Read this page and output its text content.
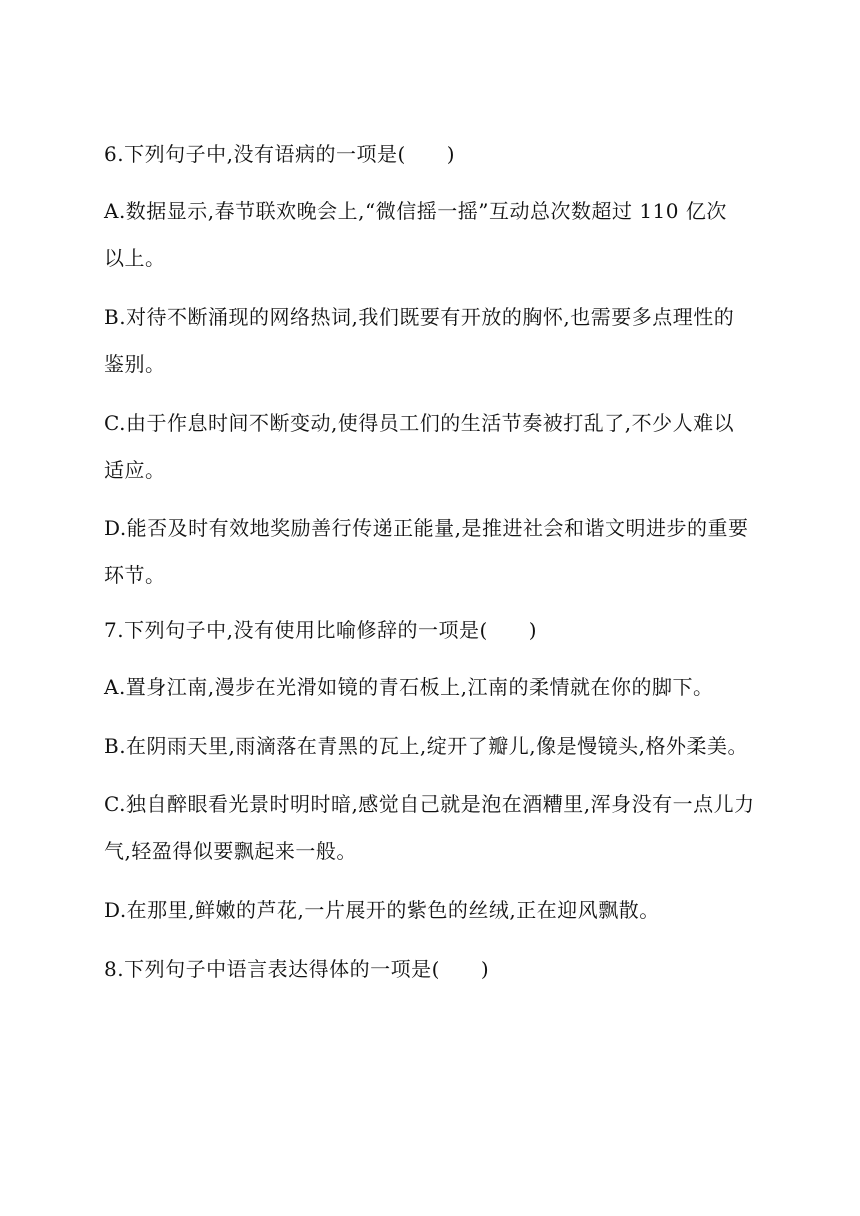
6.下列句子中,没有语病的一项是(　　)
A.数据显示,春节联欢晚会上,“微信摇一摇”互动总次数超过 110 亿次
以上。
B.对待不断涌现的网络热词,我们既要有开放的胸怀,也需要多点理性的
鉴别。
C.由于作息时间不断变动,使得员工们的生活节奏被打乱了,不少人难以
适应。
D.能否及时有效地奖励善行传递正能量,是推进社会和谐文明进步的重要
环节。
7.下列句子中,没有使用比喻修辞的一项是(　　)
A.置身江南,漫步在光滑如镜的青石板上,江南的柔情就在你的脚下。
B.在阴雨天里,雨滴落在青黑的瓦上,绽开了瓣儿,像是慢镜头,格外柔美。
C.独自醉眼看光景时明时暗,感觉自己就是泡在酒糟里,浑身没有一点儿力
气,轻盈得似要飘起来一般。
D.在那里,鲜嫩的芦花,一片展开的紫色的丝绒,正在迎风飘散。
8.下列句子中语言表达得体的一项是(　　)
